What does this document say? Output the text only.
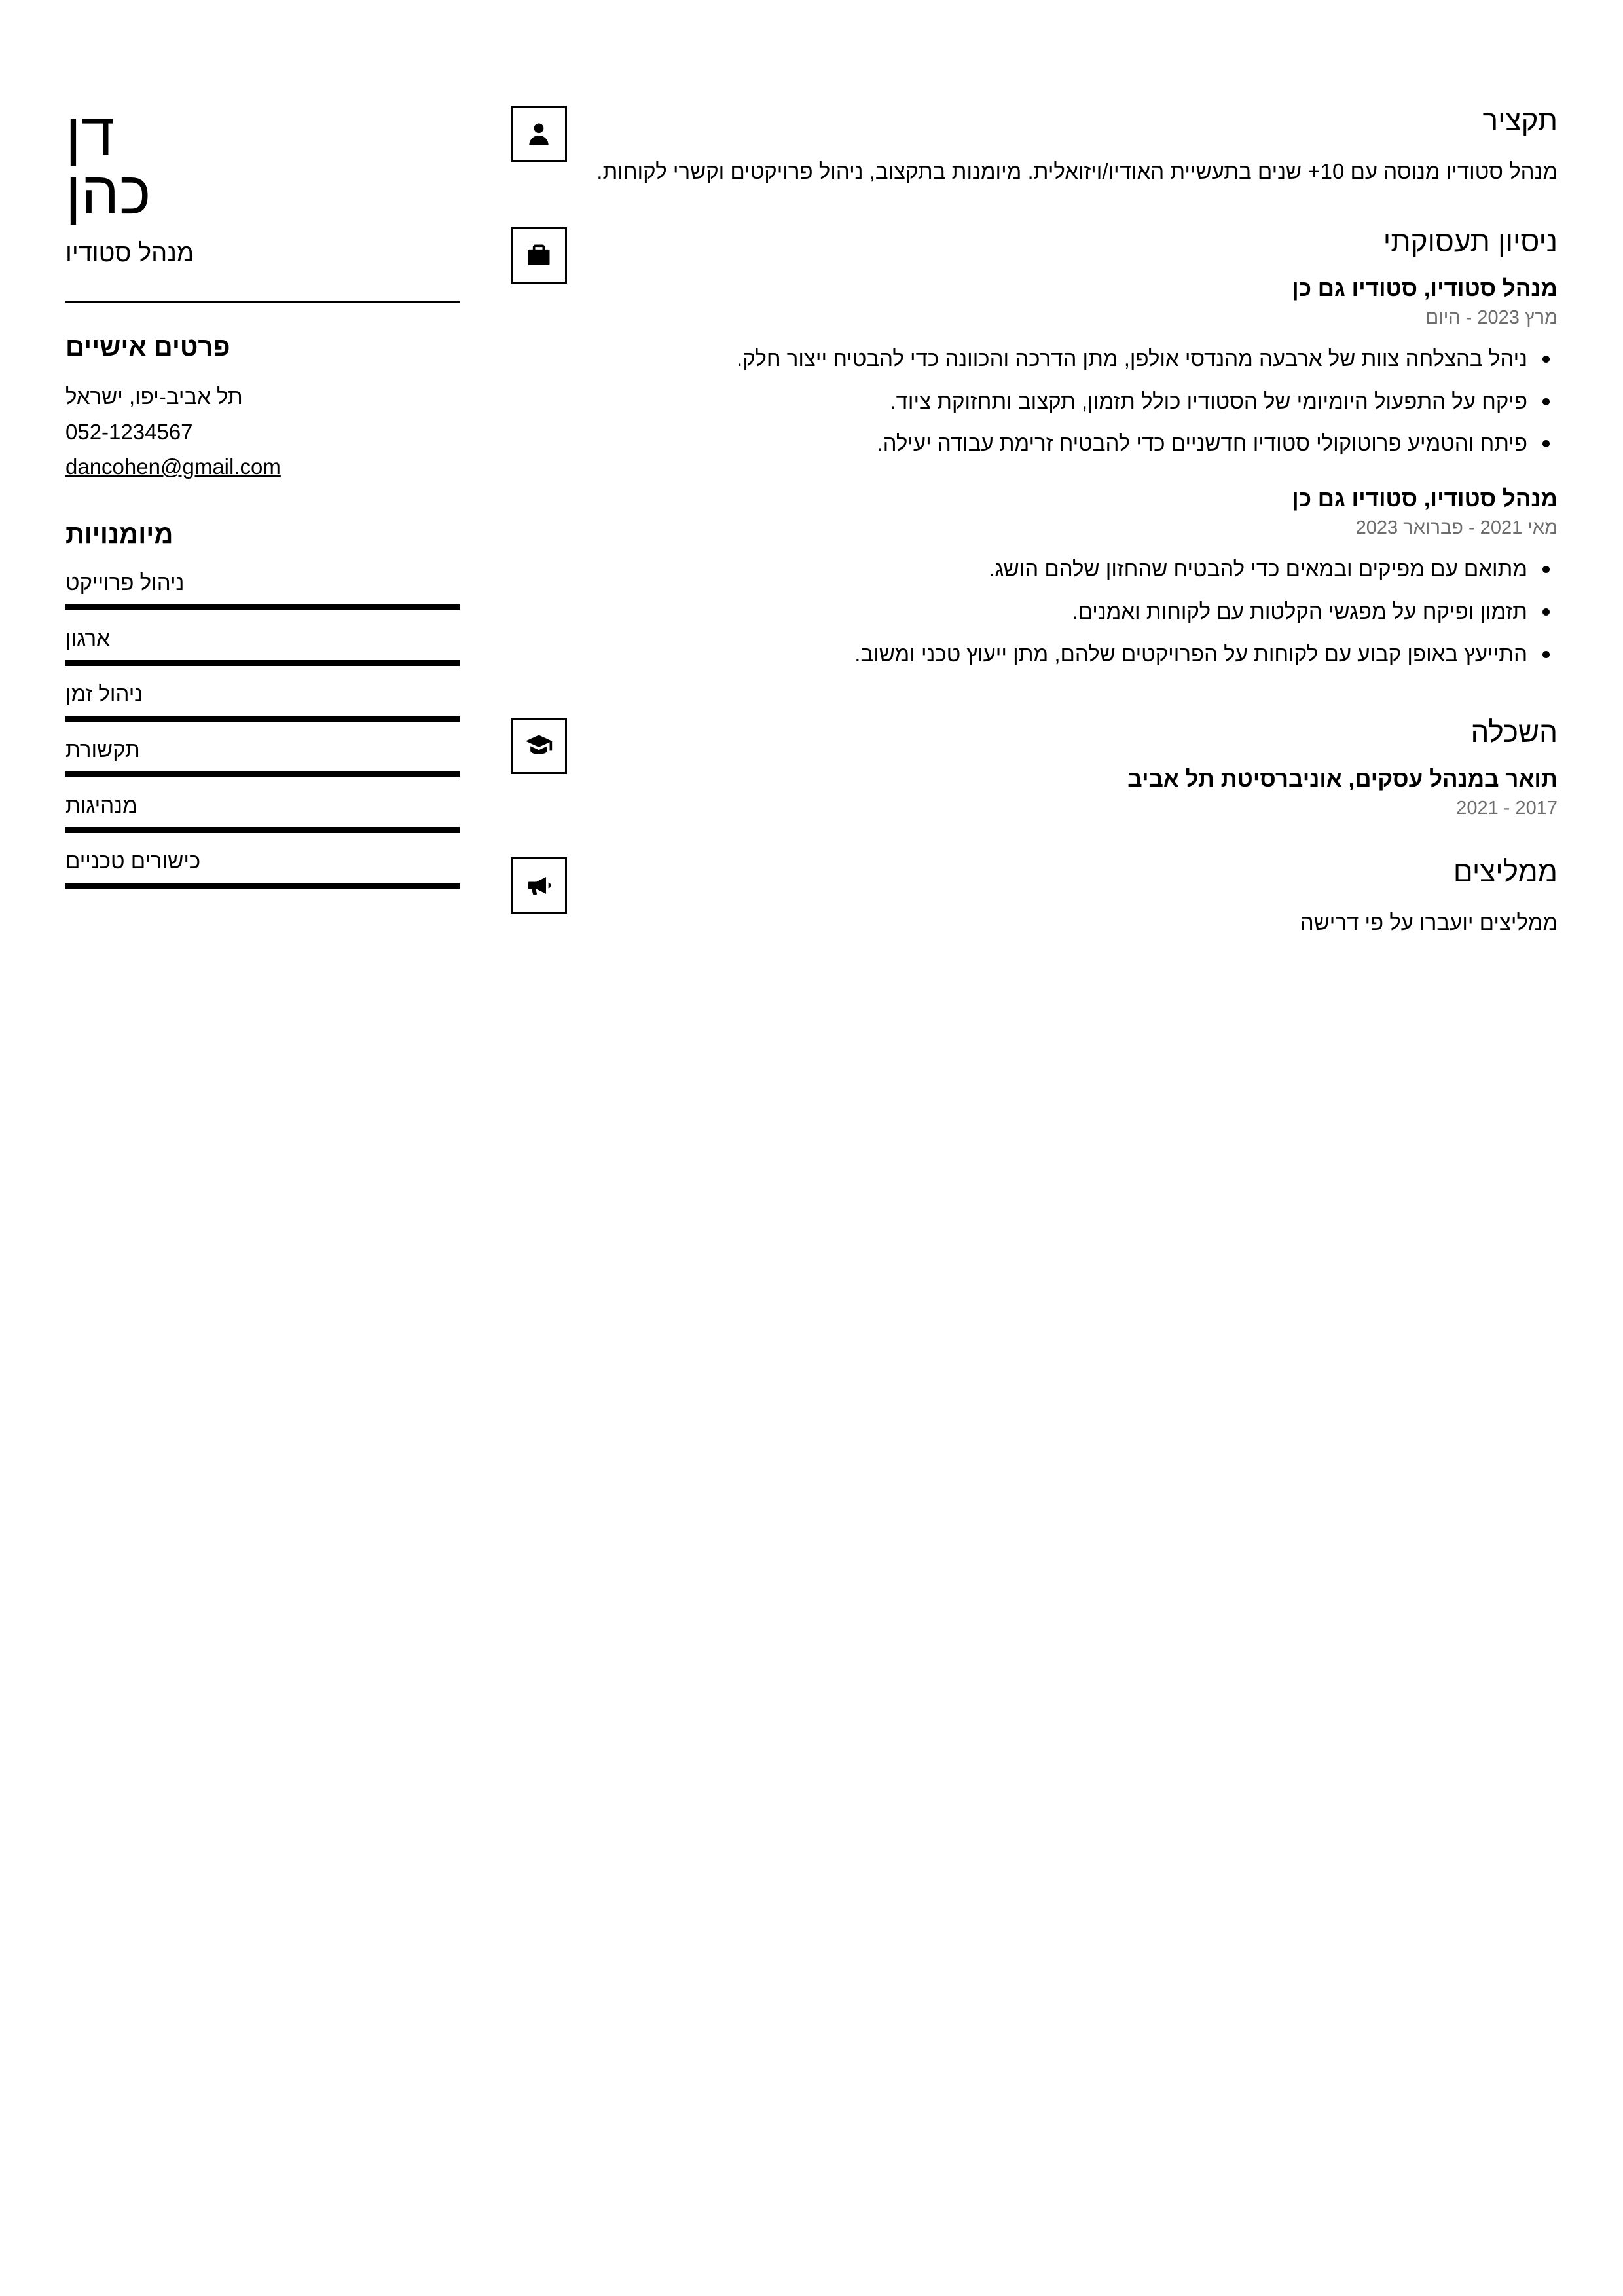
תקציר
מנהל סטודיו מנוסה עם 10+ שנים בתעשיית האודיו/ויזואלית. מיומנות בתקצוב, ניהול פרויקטים וקשרי לקוחות.
ניסיון תעסוקתי
מנהל סטודיו, סטודיו גם כן
מרץ 2023 - היום
ניהל בהצלחה צוות של ארבעה מהנדסי אולפן, מתן הדרכה והכוונה כדי להבטיח ייצור חלק.
פיקח על התפעול היומיומי של הסטודיו כולל תזמון, תקצוב ותחזוקת ציוד.
פיתח והטמיע פרוטוקולי סטודיו חדשניים כדי להבטיח זרימת עבודה יעילה.
מנהל סטודיו, סטודיו גם כן
מאי 2021 - פברואר 2023
מתואם עם מפיקים ובמאים כדי להבטיח שהחזון שלהם הושג.
תזמון ופיקח על מפגשי הקלטות עם לקוחות ואמנים.
התייעץ באופן קבוע עם לקוחות על הפרויקטים שלהם, מתן ייעוץ טכני ומשוב.
השכלה
תואר במנהל עסקים, אוניברסיטת תל אביב
2017 - 2021
ממליצים
ממליצים יועברו על פי דרישה
דן
כהן
מנהל סטודיו
פרטים אישיים
תל אביב-יפו, ישראל
052-1234567
dancohen@gmail.com
מיומנויות
ניהול פרוייקט
ארגון
ניהול זמן
תקשורת
מנהיגות
כישורים טכניים
